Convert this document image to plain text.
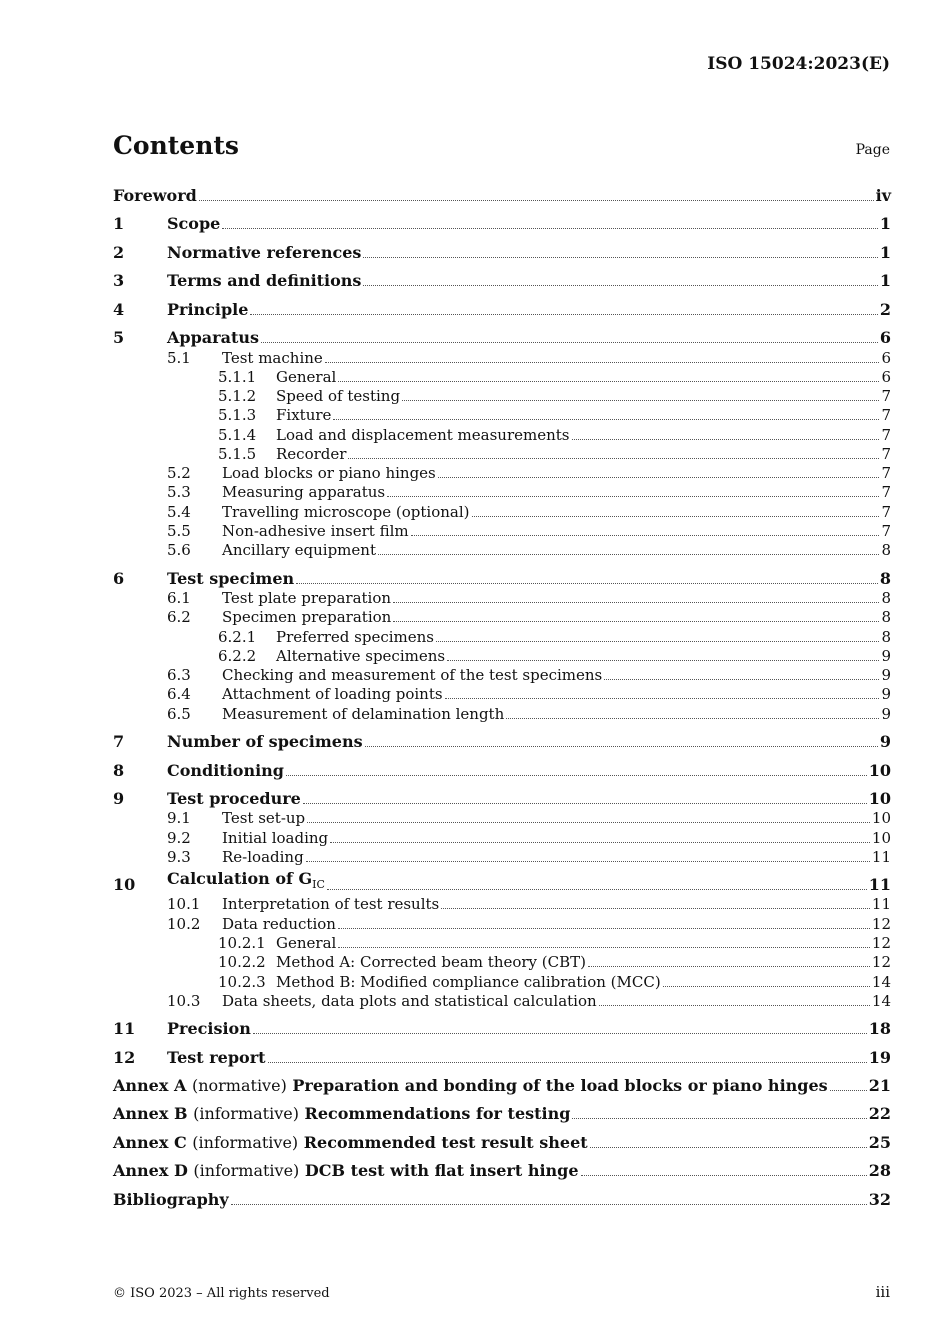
ISO 15024:2023(E)
Contents	Page
Foreword	iv
1	Scope	1
2	Normative references	1
3	Terms and definitions	1
4	Principle	2
5	Apparatus	6
5.1	Test machine	6
5.1.1	General	6
5.1.2	Speed of testing	7
5.1.3	Fixture	7
5.1.4	Load and displacement measurements	7
5.1.5	Recorder	7
5.2	Load blocks or piano hinges	7
5.3	Measuring apparatus	7
5.4	Travelling microscope (optional)	7
5.5	Non-adhesive insert film	7
5.6	Ancillary equipment	8
6	Test specimen	8
6.1	Test plate preparation	8
6.2	Specimen preparation	8
6.2.1	Preferred specimens	8
6.2.2	Alternative specimens	9
6.3	Checking and measurement of the test specimens	9
6.4	Attachment of loading points	9
6.5	Measurement of delamination length	9
7	Number of specimens	9
8	Conditioning	10
9	Test procedure	10
9.1	Test set-up	10
9.2	Initial loading	10
9.3	Re-loading	11
10	Calculation of $G_{IC}$	11
10.1	Interpretation of test results	11
10.2	Data reduction	12
10.2.1 General	12
10.2.2 Method A: Corrected beam theory (CBT)	12
10.2.3 Method B: Modified compliance calibration (MCC)	14
10.3	Data sheets, data plots and statistical calculation	14
11	Precision	18
12	Test report	19
Annex A (normative) Preparation and bonding of the load blocks or piano hinges	21
Annex B (informative) Recommendations for testing	22
Annex C (informative) Recommended test result sheet	25
Annex D (informative) DCB test with flat insert hinge	28
Bibliography	32
© ISO 2023 – All rights reserved	iii
